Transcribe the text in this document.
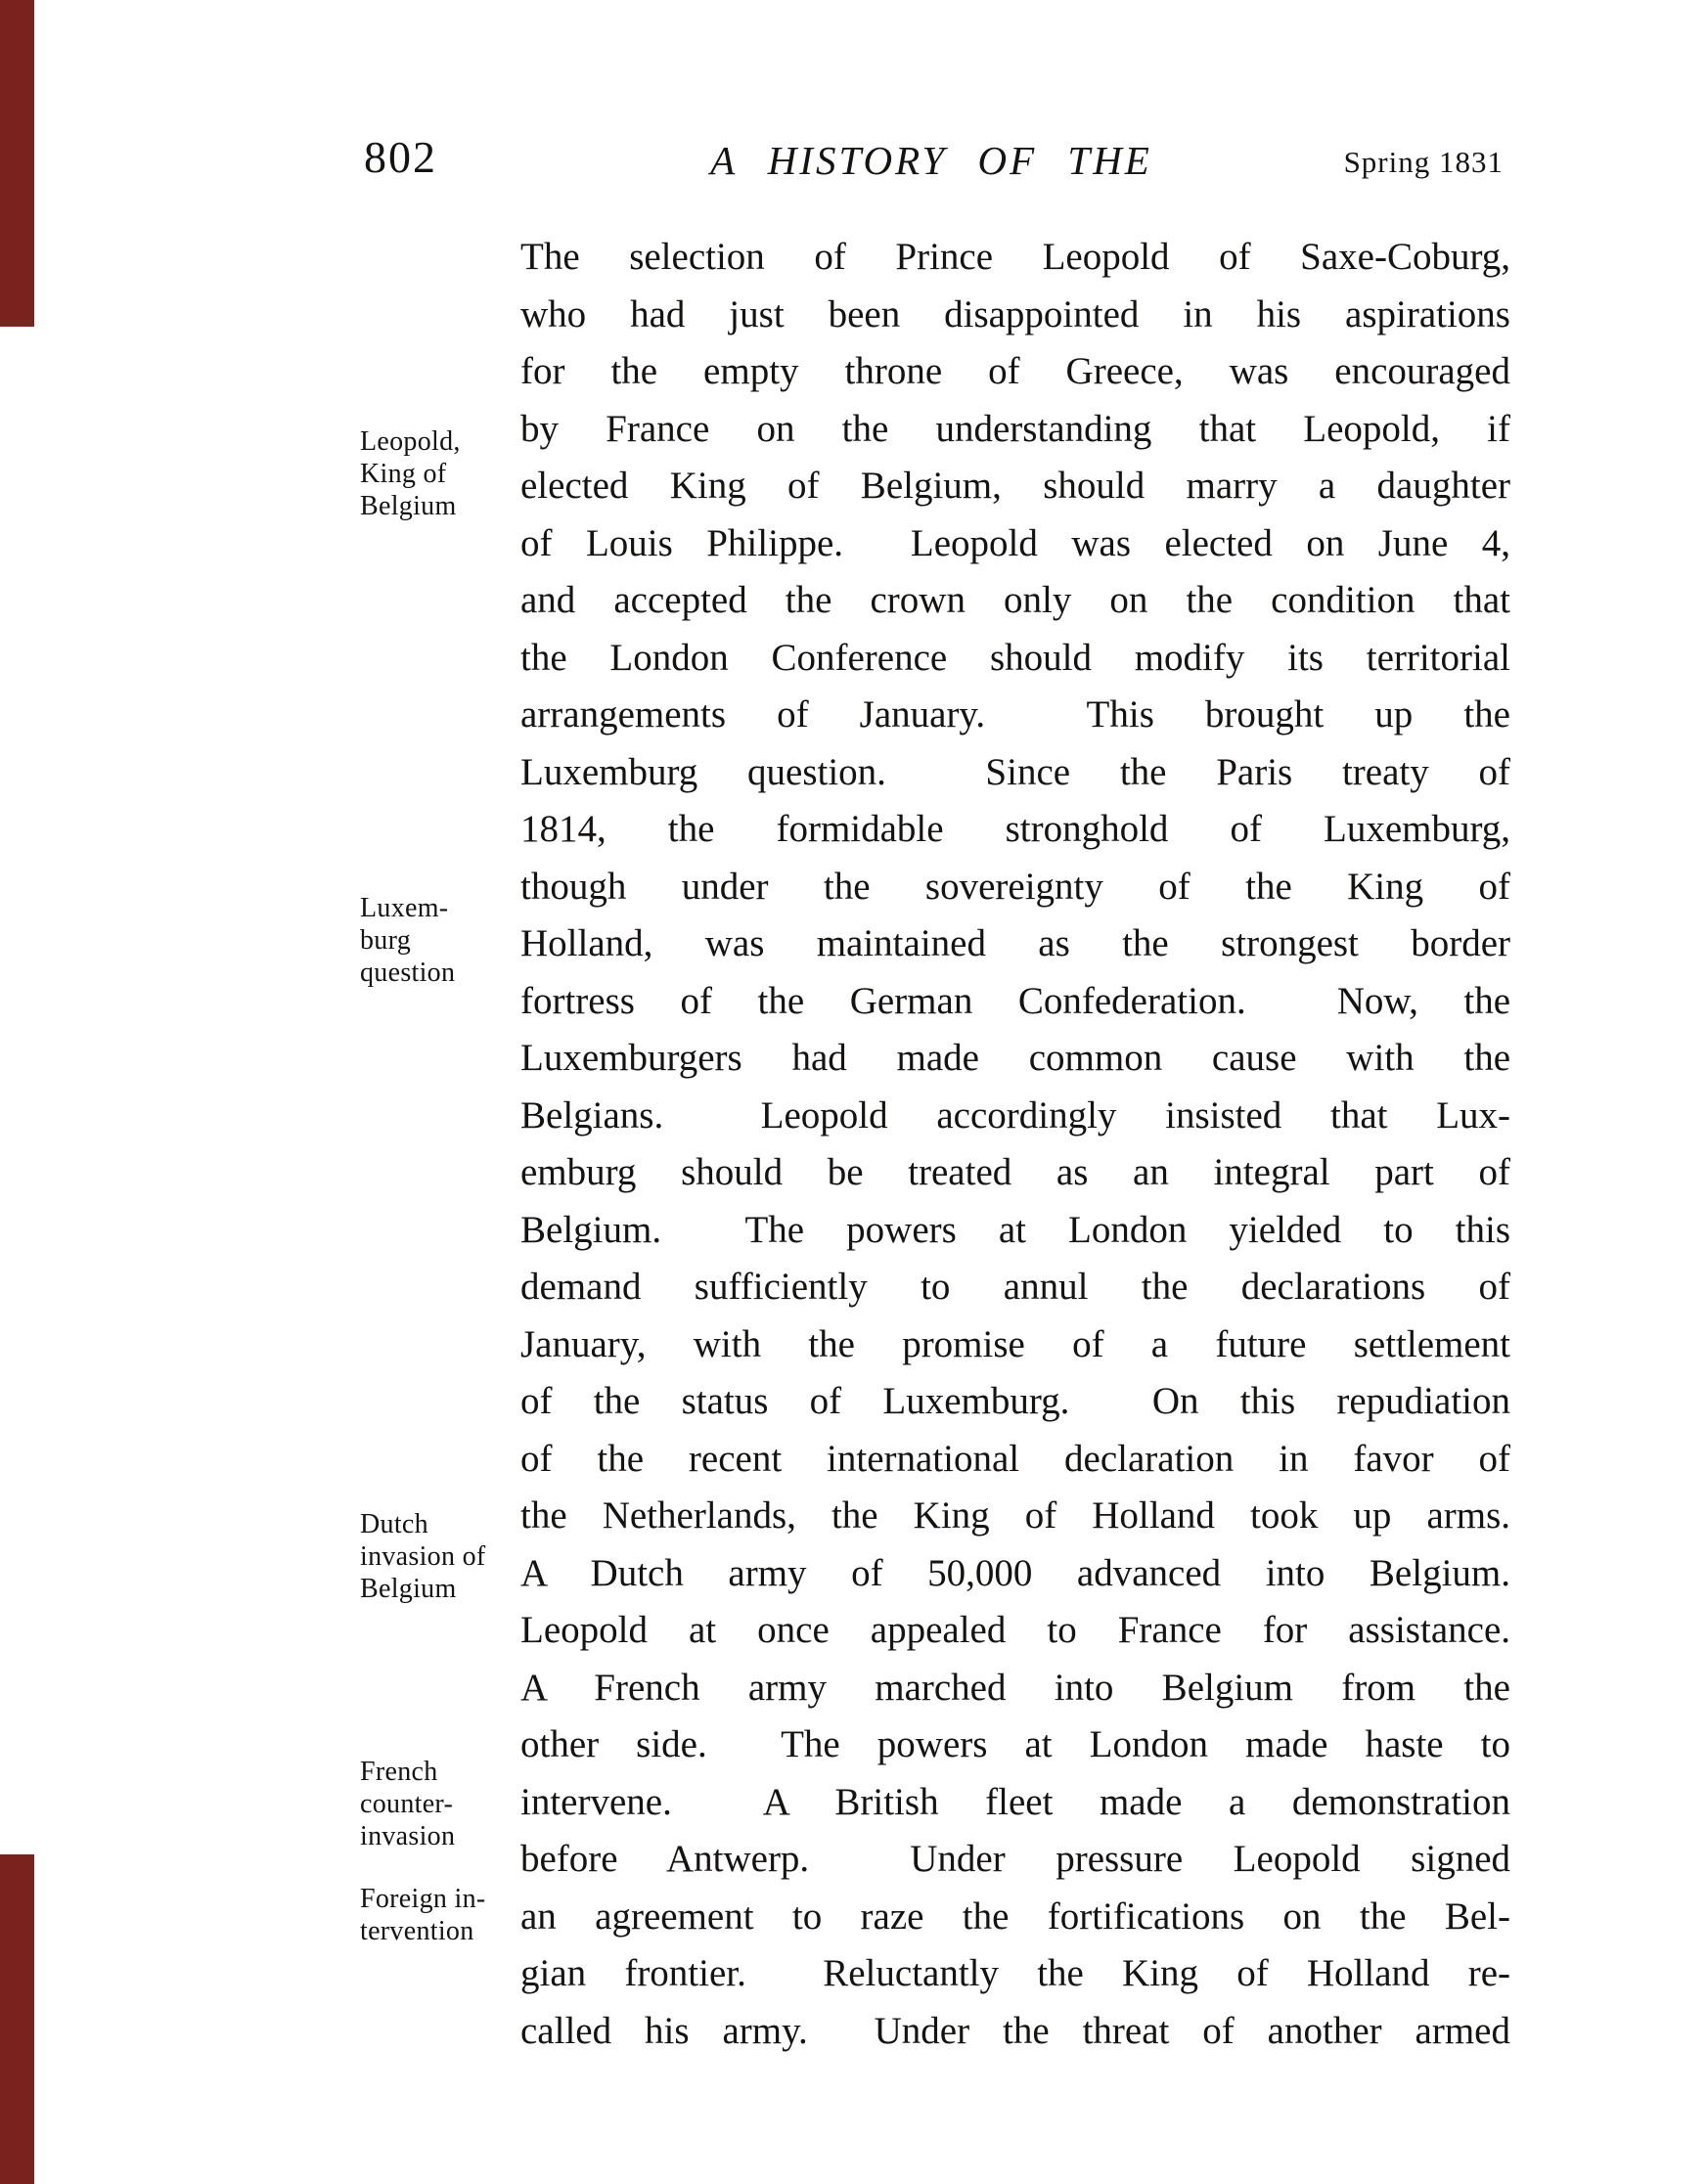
802	A HISTORY OF THE	Spring 1831
Leopold,
King of
Belgium
Luxem-
burg
question
Dutch
invasion of
Belgium
French
counter-
invasion
Foreign in-
tervention
The selection of Prince Leopold of Saxe-Coburg,
who had just been disappointed in his aspirations
for the empty throne of Greece, was encouraged
by France on the understanding that Leopold, if
elected King of Belgium, should marry a daughter
of Louis Philippe.  Leopold was elected on June 4,
and accepted the crown only on the condition that
the London Conference should modify its territorial
arrangements of January.  This brought up the
Luxemburg question.  Since the Paris treaty of
1814, the formidable stronghold of Luxemburg,
though under the sovereignty of the King of
Holland, was maintained as the strongest border
fortress of the German Confederation.  Now, the
Luxemburgers had made common cause with the
Belgians.  Leopold accordingly insisted that Lux-
emburg should be treated as an integral part of
Belgium.  The powers at London yielded to this
demand sufficiently to annul the declarations of
January, with the promise of a future settlement
of the status of Luxemburg.  On this repudiation
of the recent international declaration in favor of
the Netherlands, the King of Holland took up arms.
A Dutch army of 50,000 advanced into Belgium.
Leopold at once appealed to France for assistance.
A French army marched into Belgium from the
other side.  The powers at London made haste to
intervene.  A British fleet made a demonstration
before Antwerp.  Under pressure Leopold signed
an agreement to raze the fortifications on the Bel-
gian frontier.  Reluctantly the King of Holland re-
called his army.  Under the threat of another armed
